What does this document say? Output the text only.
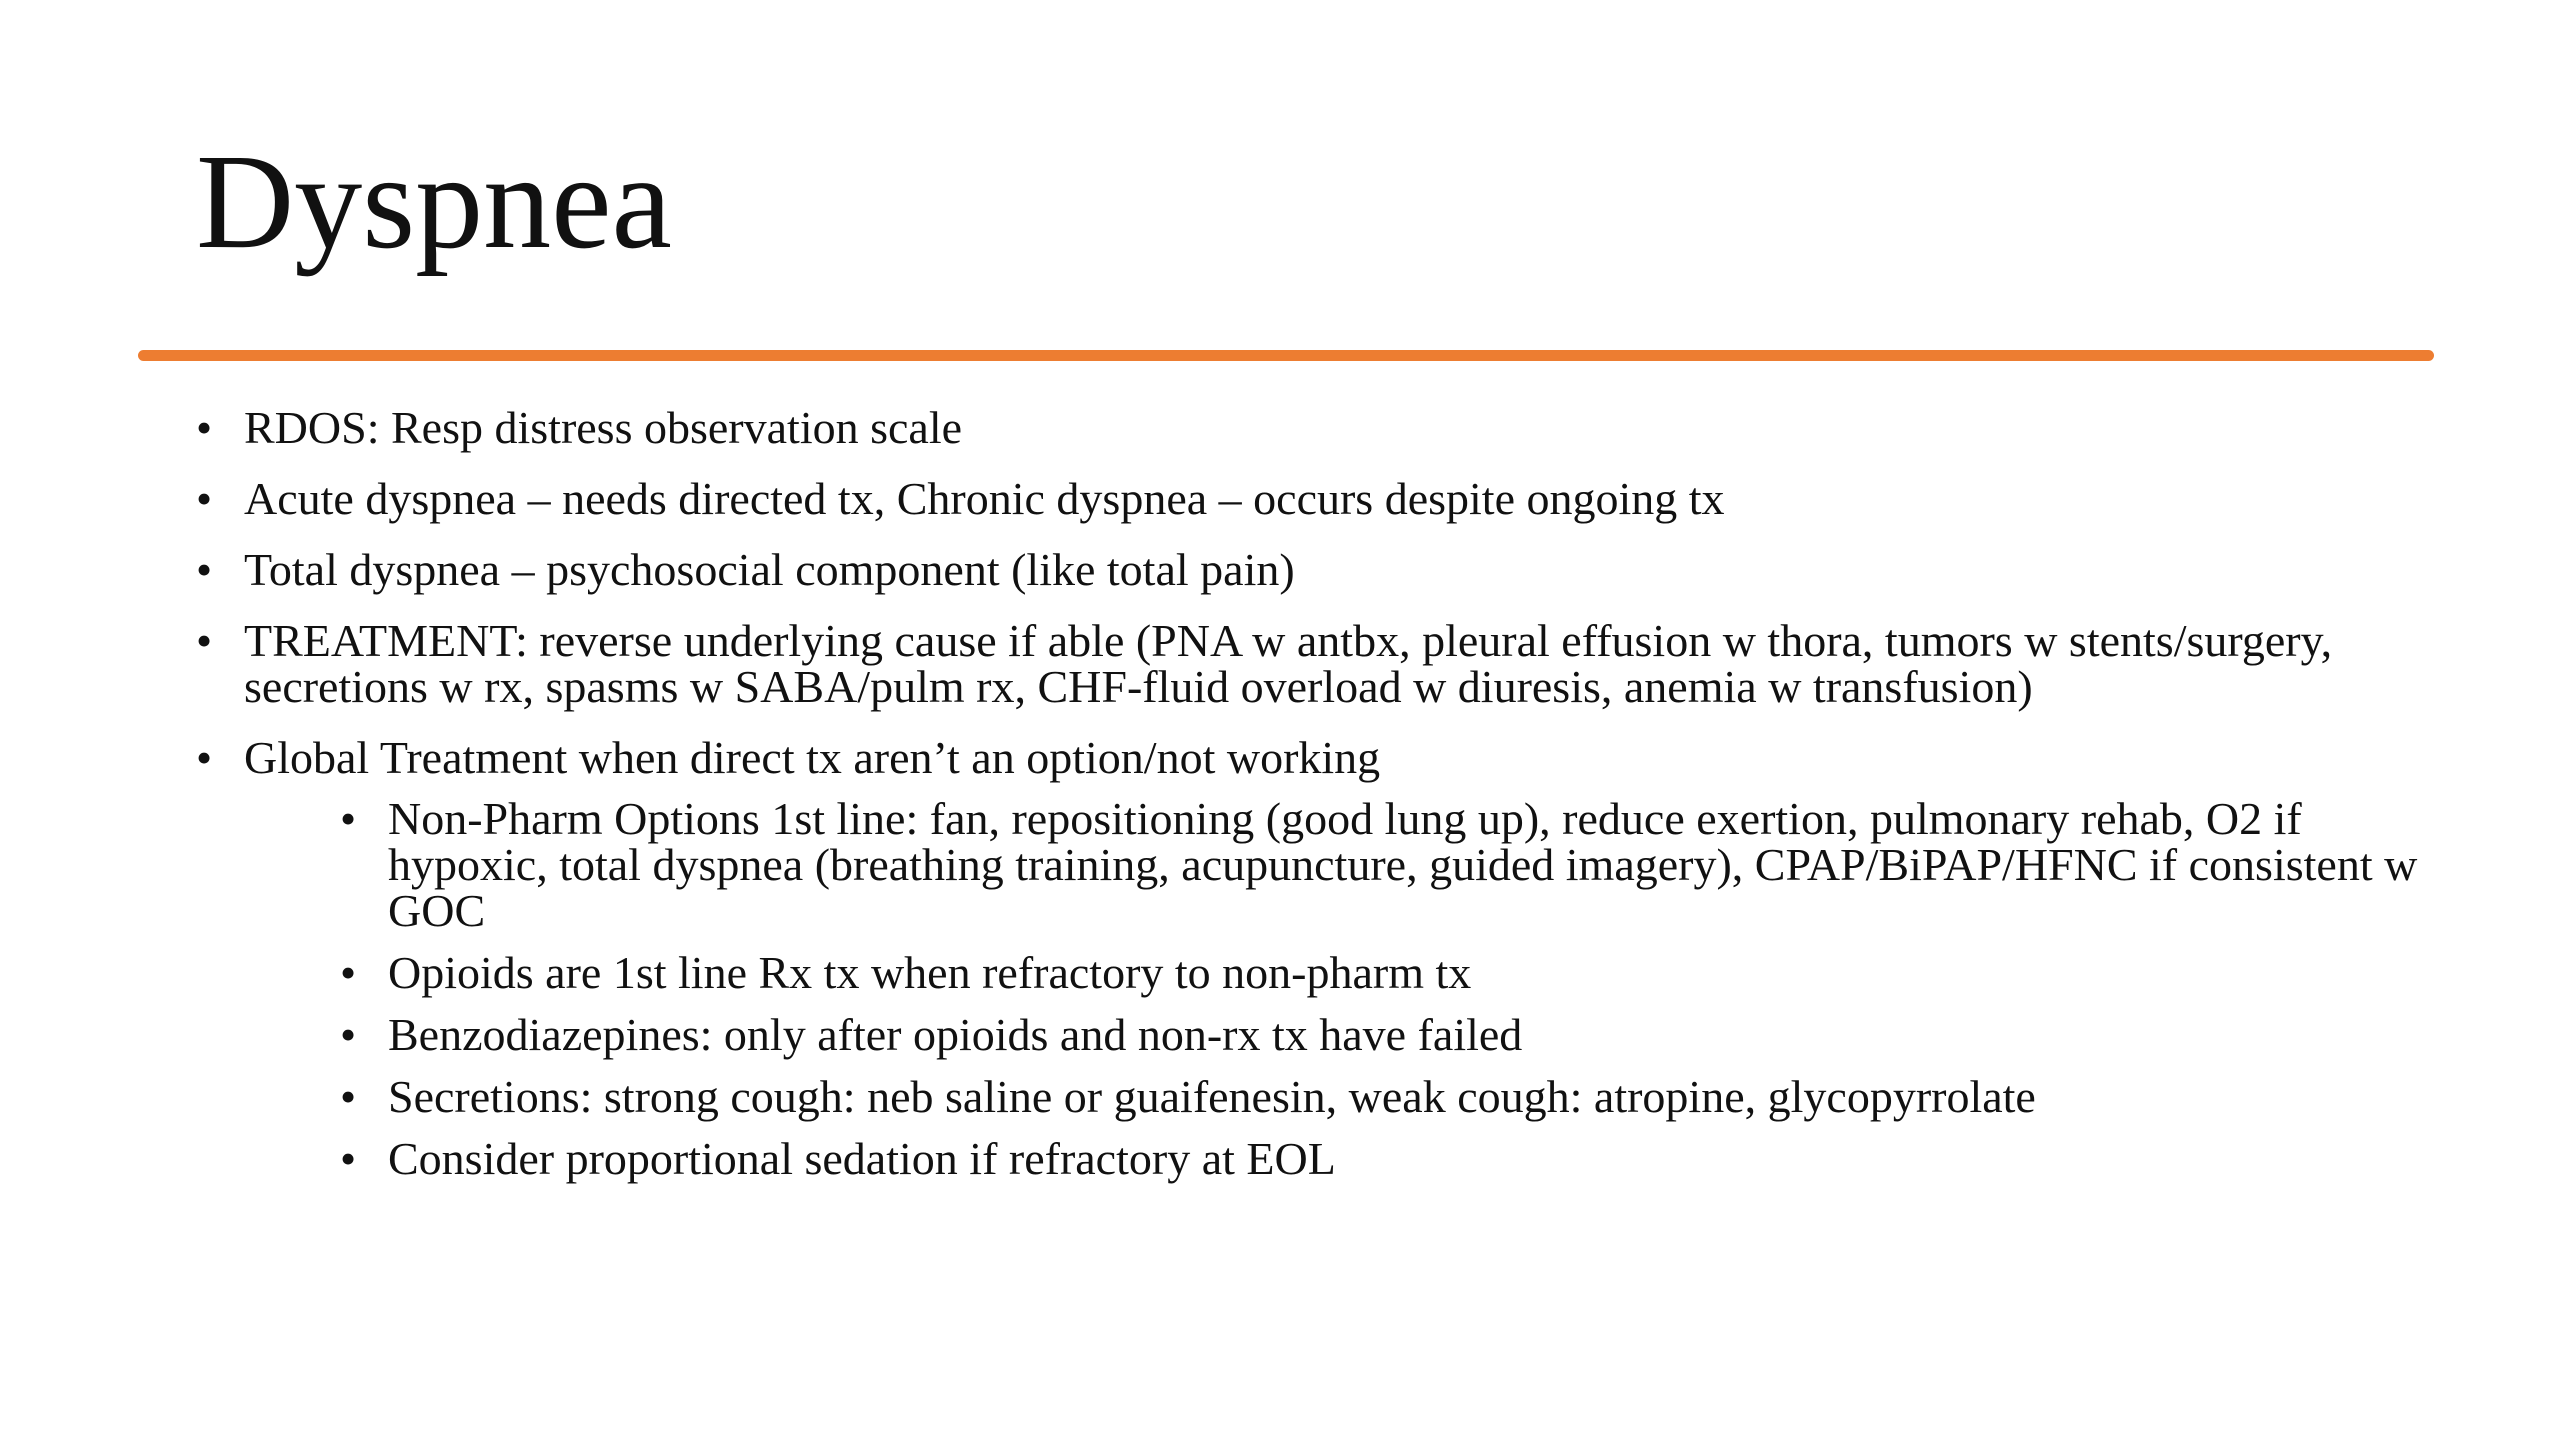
Dyspnea
• RDOS: Resp distress observation scale
• Acute dyspnea – needs directed tx, Chronic dyspnea – occurs despite ongoing tx
• Total dyspnea – psychosocial component (like total pain)
• TREATMENT: reverse underlying cause if able (PNA w antbx, pleural effusion w thora, tumors w stents/surgery, secretions w rx, spasms w SABA/pulm rx, CHF-fluid overload w diuresis, anemia w transfusion)
• Global Treatment when direct tx aren’t an option/not working
• Non-Pharm Options 1st line: fan, repositioning (good lung up), reduce exertion, pulmonary rehab, O2 if hypoxic, total dyspnea (breathing training, acupuncture, guided imagery), CPAP/BiPAP/HFNC if consistent w GOC
• Opioids are 1st line Rx tx when refractory to non-pharm tx
• Benzodiazepines: only after opioids and non-rx tx have failed
• Secretions: strong cough: neb saline or guaifenesin, weak cough: atropine, glycopyrrolate
• Consider proportional sedation if refractory at EOL
